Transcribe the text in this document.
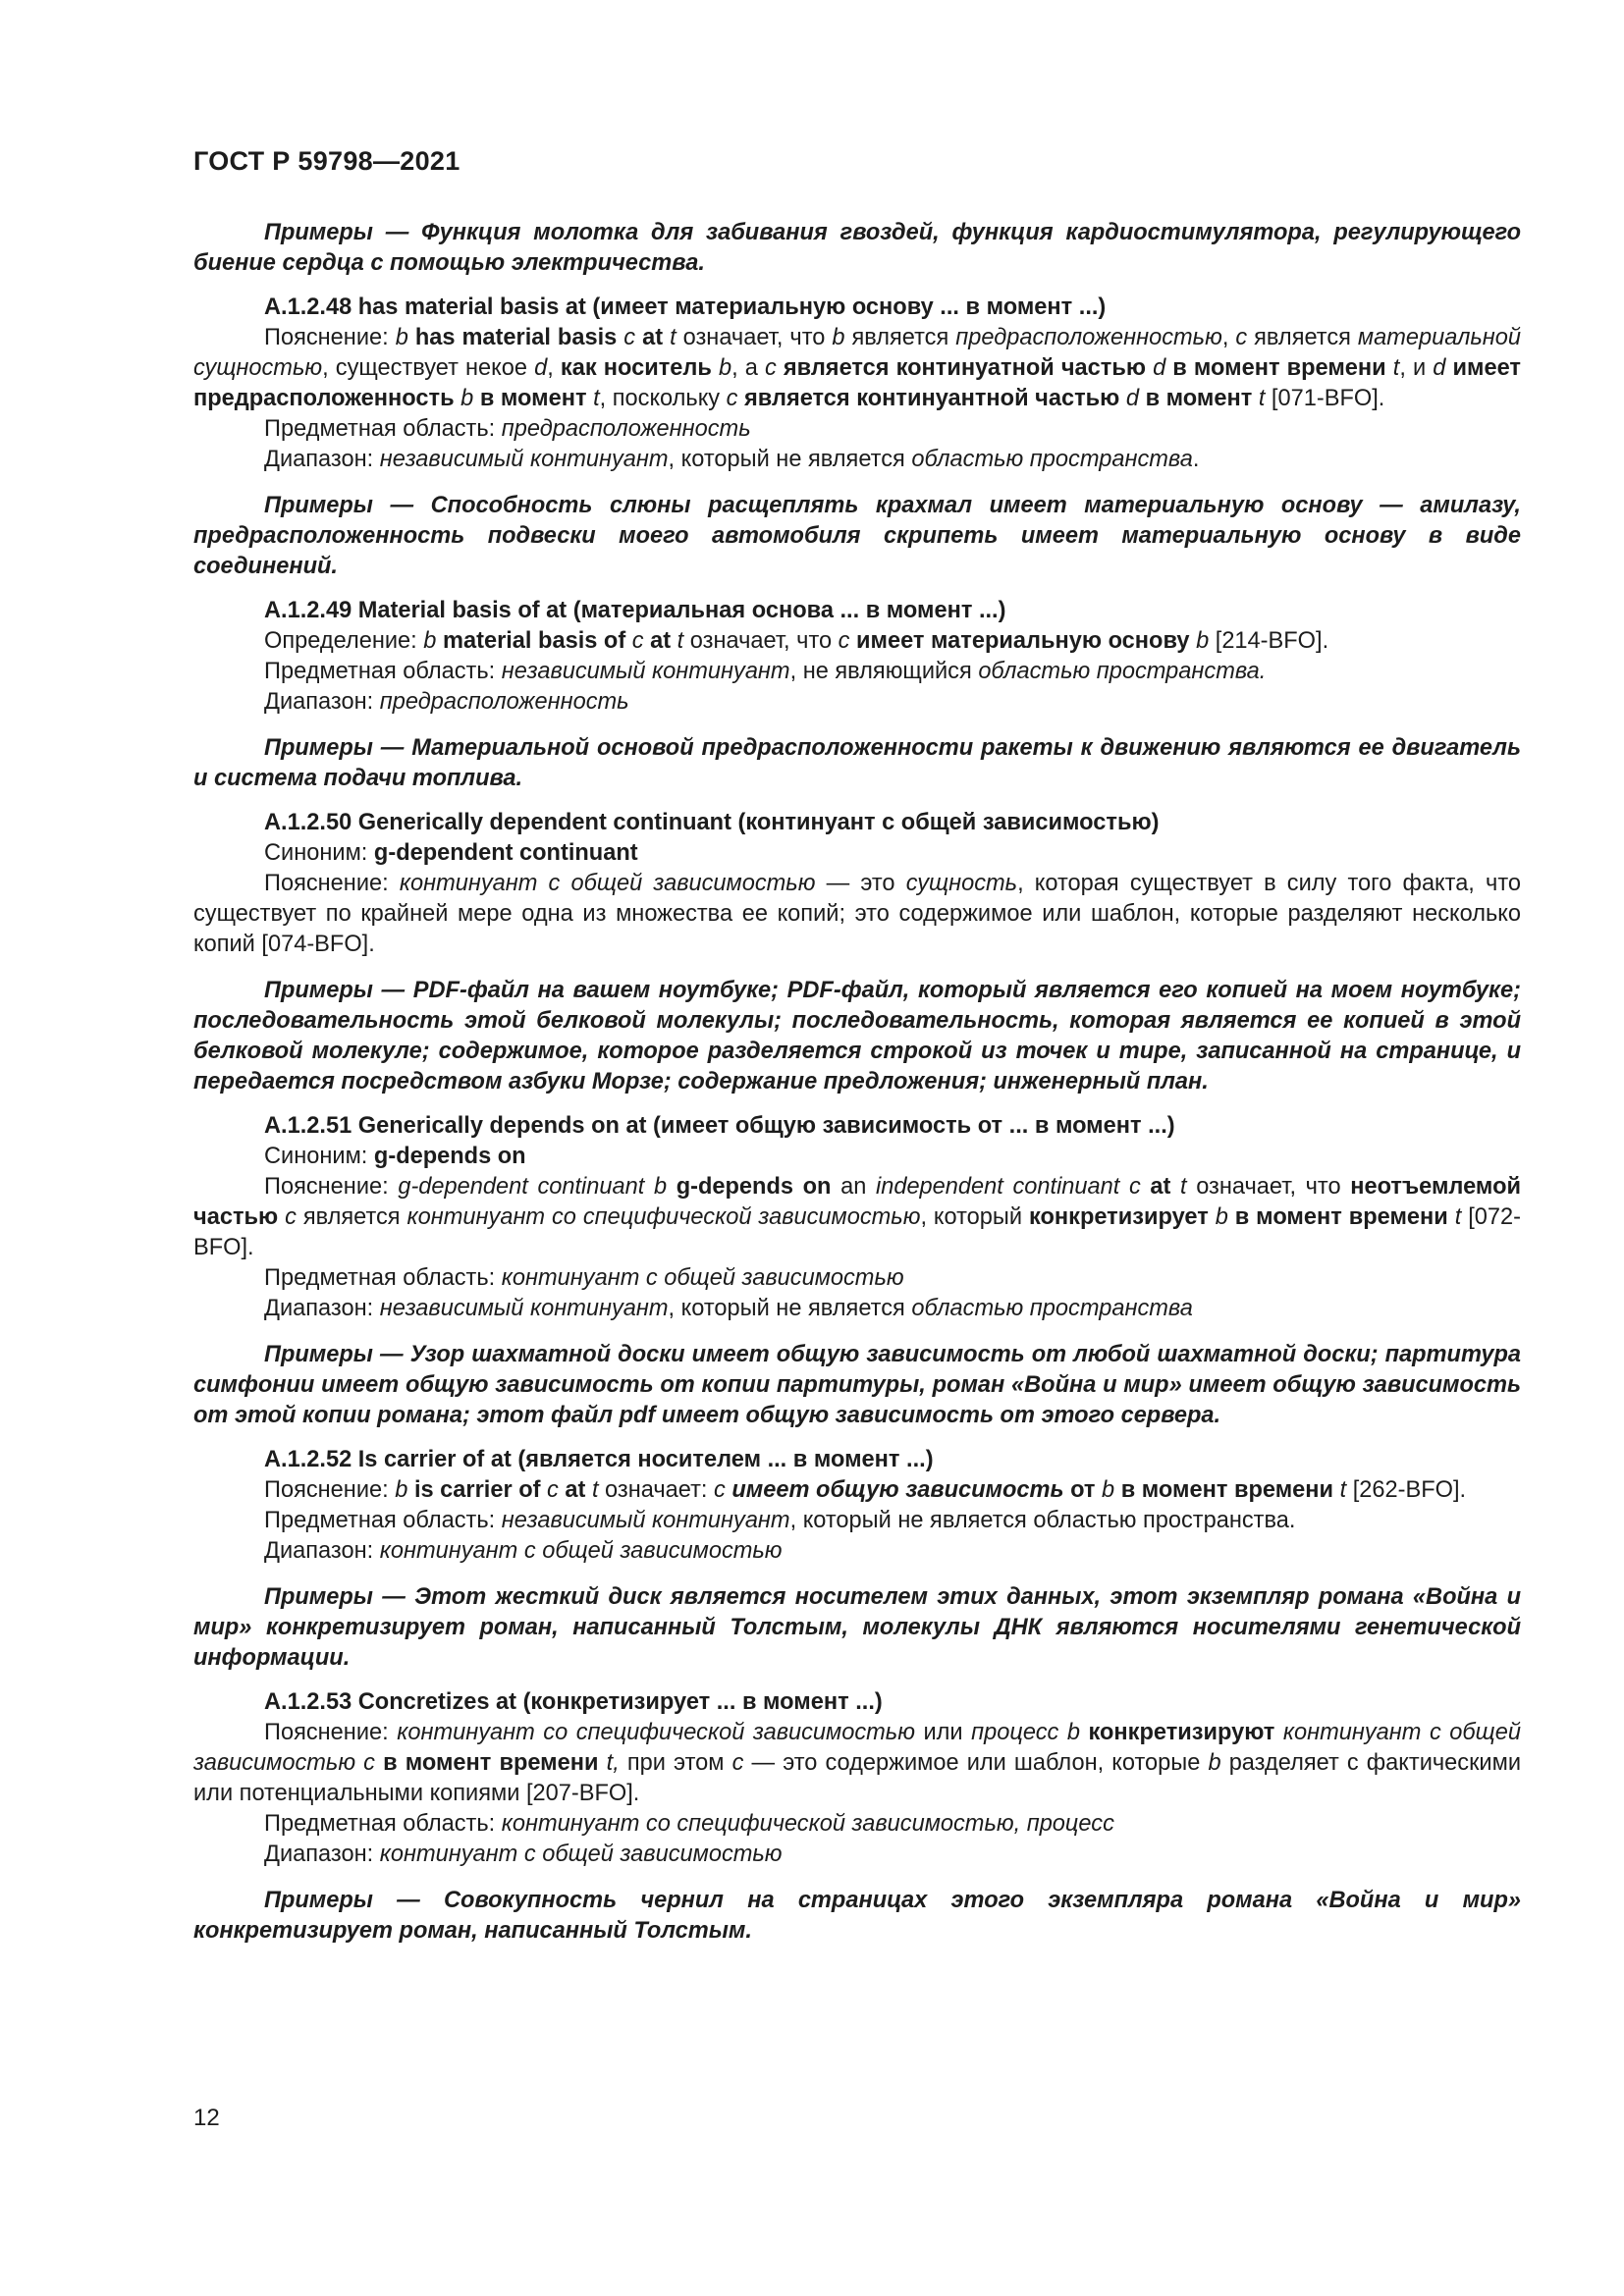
ГОСТ Р 59798—2021

Примеры — Функция молотка для забивания гвоздей, функция кардиостимулятора, регулирующего биение сердца с помощью электричества.

А.1.2.48 has material basis at (имеет материальную основу ... в момент ...)

Пояснение: b has material basis c at t означает, что b является предрасположенностью, c является материальной сущностью, существует некое d, как носитель b, а c является континуатной частью d в момент времени t, и d имеет предрасположенность b в момент t, поскольку c является континуантной частью d в момент t [071-BFO].

Предметная область: предрасположенность

Диапазон: независимый континуант, который не является областью пространства.

Примеры — Способность слюны расщеплять крахмал имеет материальную основу — амилазу, предрасположенность подвески моего автомобиля скрипеть имеет материальную основу в виде соединений.

А.1.2.49 Material basis of at (материальная основа ... в момент ...)

Определение: b material basis of c at t означает, что c имеет материальную основу b [214-BFO].

Предметная область: независимый континуант, не являющийся областью пространства.

Диапазон: предрасположенность

Примеры — Материальной основой предрасположенности ракеты к движению являются ее двигатель и система подачи топлива.

А.1.2.50 Generically dependent continuant (континуант с общей зависимостью)

Синоним: g-dependent continuant

Пояснение: континуант с общей зависимостью — это сущность, которая существует в силу того факта, что существует по крайней мере одна из множества ее копий; это содержимое или шаблон, которые разделяют несколько копий [074-BFO].

Примеры — PDF-файл на вашем ноутбуке; PDF-файл, который является его копией на моем ноутбуке; последовательность этой белковой молекулы; последовательность, которая является ее копией в этой белковой молекуле; содержимое, которое разделяется строкой из точек и тире, записанной на странице, и передается посредством азбуки Морзе; содержание предложения; инженерный план.

А.1.2.51 Generically depends on at (имеет общую зависимость от ... в момент ...)

Синоним: g-depends on

Пояснение: g-dependent continuant b g-depends on an independent continuant c at t означает, что неотъемлемой частью c является континуант со специфической зависимостью, который конкретизирует b в момент времени t [072-BFO].

Предметная область: континуант с общей зависимостью

Диапазон: независимый континуант, который не является областью пространства

Примеры — Узор шахматной доски имеет общую зависимость от любой шахматной доски; партитура симфонии имеет общую зависимость от копии партитуры, роман «Война и мир» имеет общую зависимость от этой копии романа; этот файл pdf имеет общую зависимость от этого сервера.

А.1.2.52 Is carrier of at (является носителем ... в момент ...)

Пояснение: b is carrier of c at t означает: c имеет общую зависимость от b в момент времени t [262-BFO].

Предметная область: независимый континуант, который не является областью пространства.

Диапазон: континуант с общей зависимостью

Примеры — Этот жесткий диск является носителем этих данных, этот экземпляр романа «Война и мир» конкретизирует роман, написанный Толстым, молекулы ДНК являются носителями генетической информации.

А.1.2.53 Concretizes at (конкретизирует ... в момент ...)

Пояснение: континуант со специфической зависимостью или процесс b конкретизируют континуант с общей зависимостью с в момент времени t, при этом c — это содержимое или шаблон, которые b разделяет с фактическими или потенциальными копиями [207-BFO].

Предметная область: континуант со специфической зависимостью, процесс

Диапазон: континуант с общей зависимостью

Примеры — Совокупность чернил на страницах этого экземпляра романа «Война и мир» конкретизирует роман, написанный Толстым.

12
